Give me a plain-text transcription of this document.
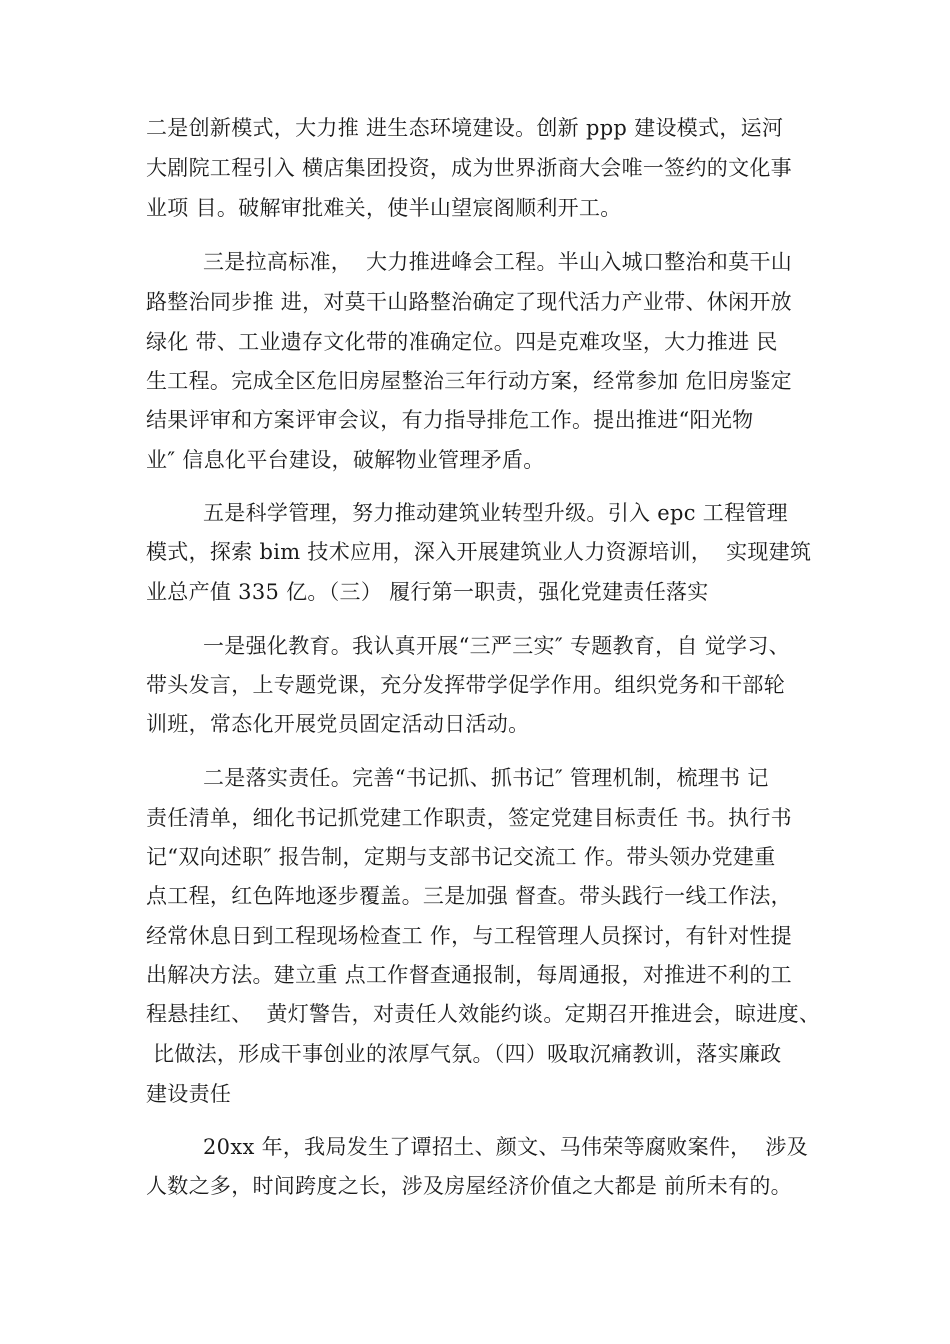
二是创新模式，大力推 进生态环境建设。创新 ppp 建设模式，运河
大剧院工程引入 横店集团投资，成为世界浙商大会唯一签约的文化事
业项 目。破解审批难关，使半山望宸阁顺利开工。
三是拉高标准，  大力推进峰会工程。半山入城口整治和莫干山
路整治同步推 进，对莫干山路整治确定了现代活力产业带、休闲开放
绿化 带、工业遗存文化带的准确定位。四是克难攻坚，大力推进 民
生工程。完成全区危旧房屋整治三年行动方案，经常参加 危旧房鉴定
结果评审和方案评审会议，有力指导排危工作。提出推进“阳光物
业″ 信息化平台建设，破解物业管理矛盾。
五是科学管理，努力推动建筑业转型升级。引入 epc 工程管理
模式，探索 bim 技术应用，深入开展建筑业人力资源培训，  实现建筑
业总产值 335 亿。（三） 履行第一职责，强化党建责任落实
一是强化教育。我认真开展“三严三实″ 专题教育，自 觉学习、
带头发言，上专题党课，充分发挥带学促学作用。组织党务和干部轮
训班，常态化开展党员固定活动日活动。
二是落实责任。完善“书记抓、抓书记″ 管理机制，梳理书 记
责任清单，细化书记抓党建工作职责，签定党建目标责任 书。执行书
记“双向述职″ 报告制，定期与支部书记交流工 作。带头领办党建重
点工程，红色阵地逐步覆盖。三是加强 督查。带头践行一线工作法，
经常休息日到工程现场检查工 作，与工程管理人员探讨，有针对性提
出解决方法。建立重 点工作督查通报制，每周通报，对推进不利的工
程悬挂红、  黄灯警告，对责任人效能约谈。定期召开推进会，晾进度、
比做法，形成干事创业的浓厚气氛。（四）吸取沉痛教训，落实廉政
建设责任
20xx 年，我局发生了谭招土、颜文、马伟荣等腐败案件，  涉及
人数之多，时间跨度之长，涉及房屋经济价值之大都是 前所未有的。
